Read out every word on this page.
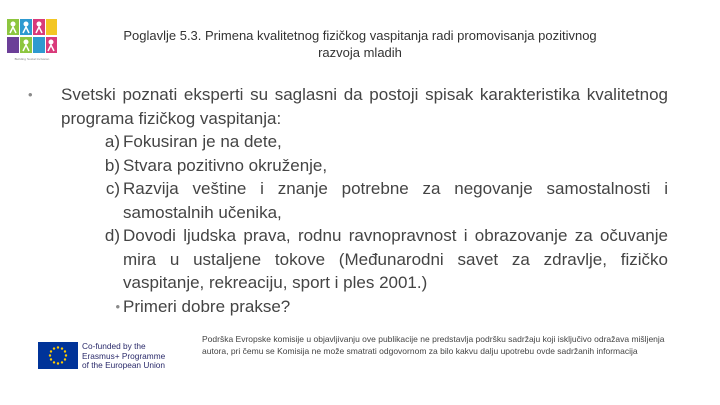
Building Social Inclusion
Poglavlje 5.3. Primena kvalitetnog fizičkog vaspitanja radi promovisanja pozitivnog
razvoja mladih
• Svetski poznati eksperti su saglasni da postoji spisak karakteristika kvalitetnog programa fizičkog vaspitanja:
a) Fokusiran je na dete,
b) Stvara pozitivno okruženje,
c) Razvija veštine i znanje potrebne za negovanje samostalnosti i samostalnih učenika,
d) Dovodi ljudska prava, rodnu ravnopravnost i obrazovanje za očuvanje mira u ustaljene tokove (Međunarodni savet za zdravlje, fizičko vaspitanje, rekreaciju, sport i ples 2001.)
• Primeri dobre prakse?
Co-funded by the
Erasmus+ Programme
of the European Union
Podrška Evropske komisije u objavljivanju ove publikacije ne predstavlja podršku sadržaju koji isključivo odražava mišljenja autora, pri čemu se Komisija ne može smatrati odgovornom za bilo kakvu dalju upotrebu ovde sadržanih informacija
